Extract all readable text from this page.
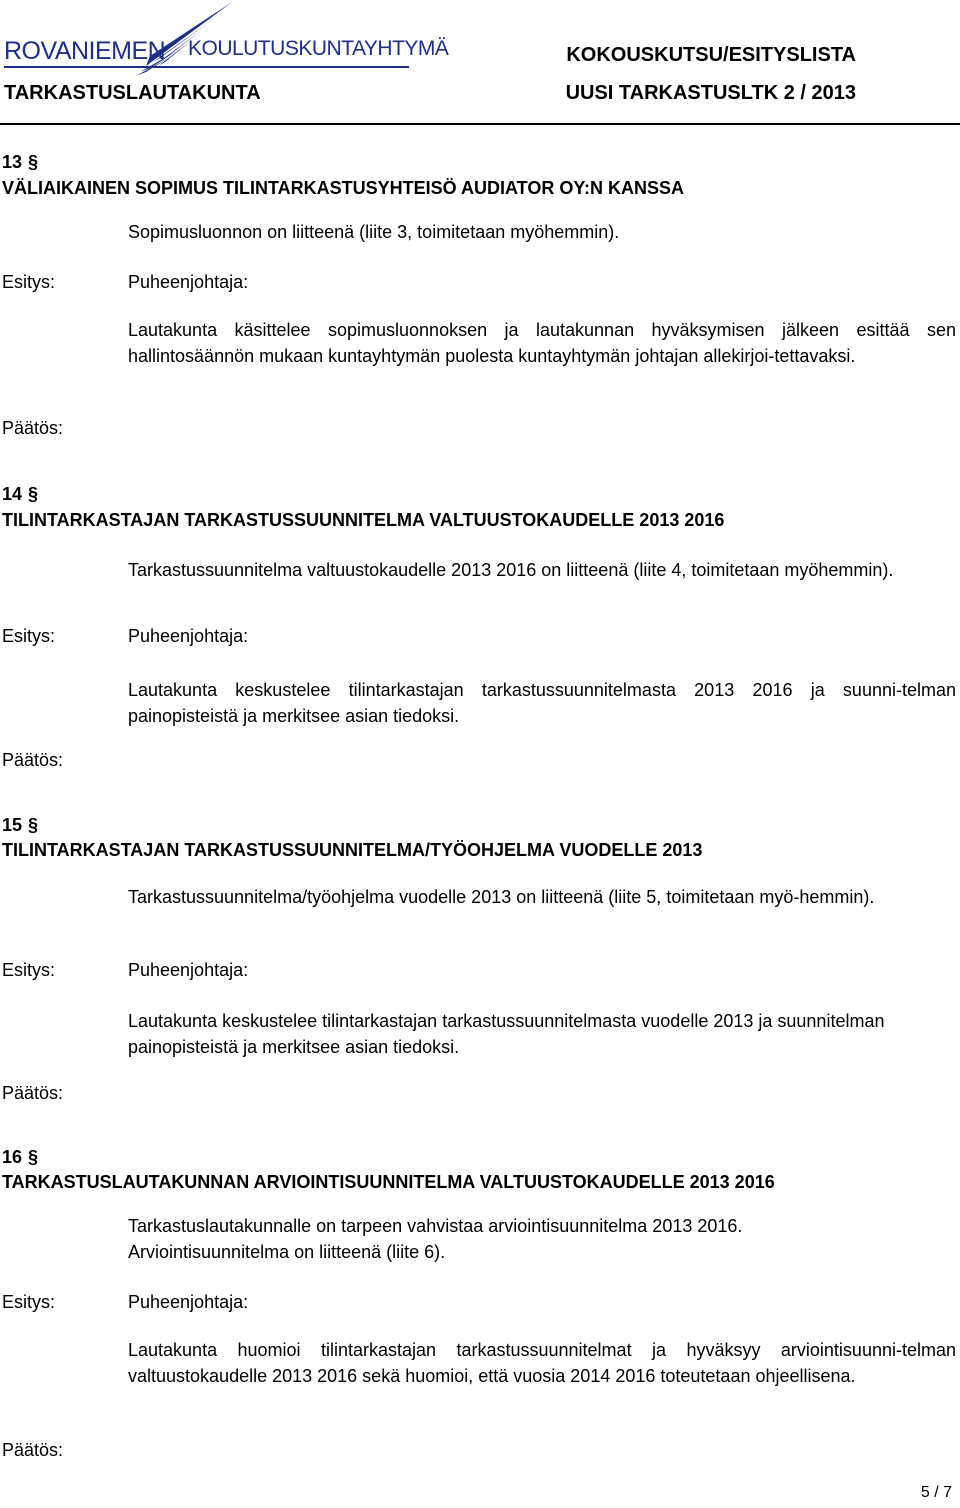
ROVANIEMEN KOULUTUSKUNTAYHTYMÄ
TARKASTUSLAUTAKUNTA
KOKOUSKUTSU/ESITYSLISTA
UUSI TARKASTUSLTK 2 / 2013
13 §
VÄLIAIKAINEN SOPIMUS TILINTARKASTUSYHTEISÖ AUDIATOR OY:N KANSSA
Sopimusluonnon on liitteenä (liite 3, toimitetaan myöhemmin).
Esitys:	Puheenjohtaja:
Lautakunta käsittelee sopimusluonnoksen ja lautakunnan hyväksymisen jälkeen esittää sen hallintosäännön mukaan kuntayhtymän puolesta kuntayhtymän johtajan allekirjoi-tettavaksi.
Päätös:
14 §
TILINTARKASTAJAN TARKASTUSSUUNNITELMA VALTUUSTOKAUDELLE 2013 2016
Tarkastussuunnitelma valtuustokaudelle 2013 2016 on liitteenä (liite 4, toimitetaan myöhemmin).
Esitys:	Puheenjohtaja:
Lautakunta keskustelee tilintarkastajan tarkastussuunnitelmasta 2013 2016 ja suunni-telman painopisteistä ja merkitsee asian tiedoksi.
Päätös:
15 §
TILINTARKASTAJAN TARKASTUSSUUNNITELMA/TYÖOHJELMA VUODELLE 2013
Tarkastussuunnitelma/työohjelma vuodelle 2013 on liitteenä (liite 5, toimitetaan myö-hemmin).
Esitys:	Puheenjohtaja:
Lautakunta keskustelee tilintarkastajan tarkastussuunnitelmasta vuodelle 2013 ja suunnitelman painopisteistä ja merkitsee asian tiedoksi.
Päätös:
16 §
TARKASTUSLAUTAKUNNAN ARVIOINTISUUNNITELMA VALTUUSTOKAUDELLE 2013 2016
Tarkastuslautakunnalle on tarpeen vahvistaa arviointisuunnitelma 2013 2016.
Arviointisuunnitelma on liitteenä (liite 6).
Esitys:	Puheenjohtaja:
Lautakunta huomioi tilintarkastajan tarkastussuunnitelmat ja hyväksyy arviointisuunni-telman valtuustokaudelle 2013 2016 sekä huomioi, että vuosia 2014 2016 toteutetaan ohjeellisena.
Päätös:
5 / 7
